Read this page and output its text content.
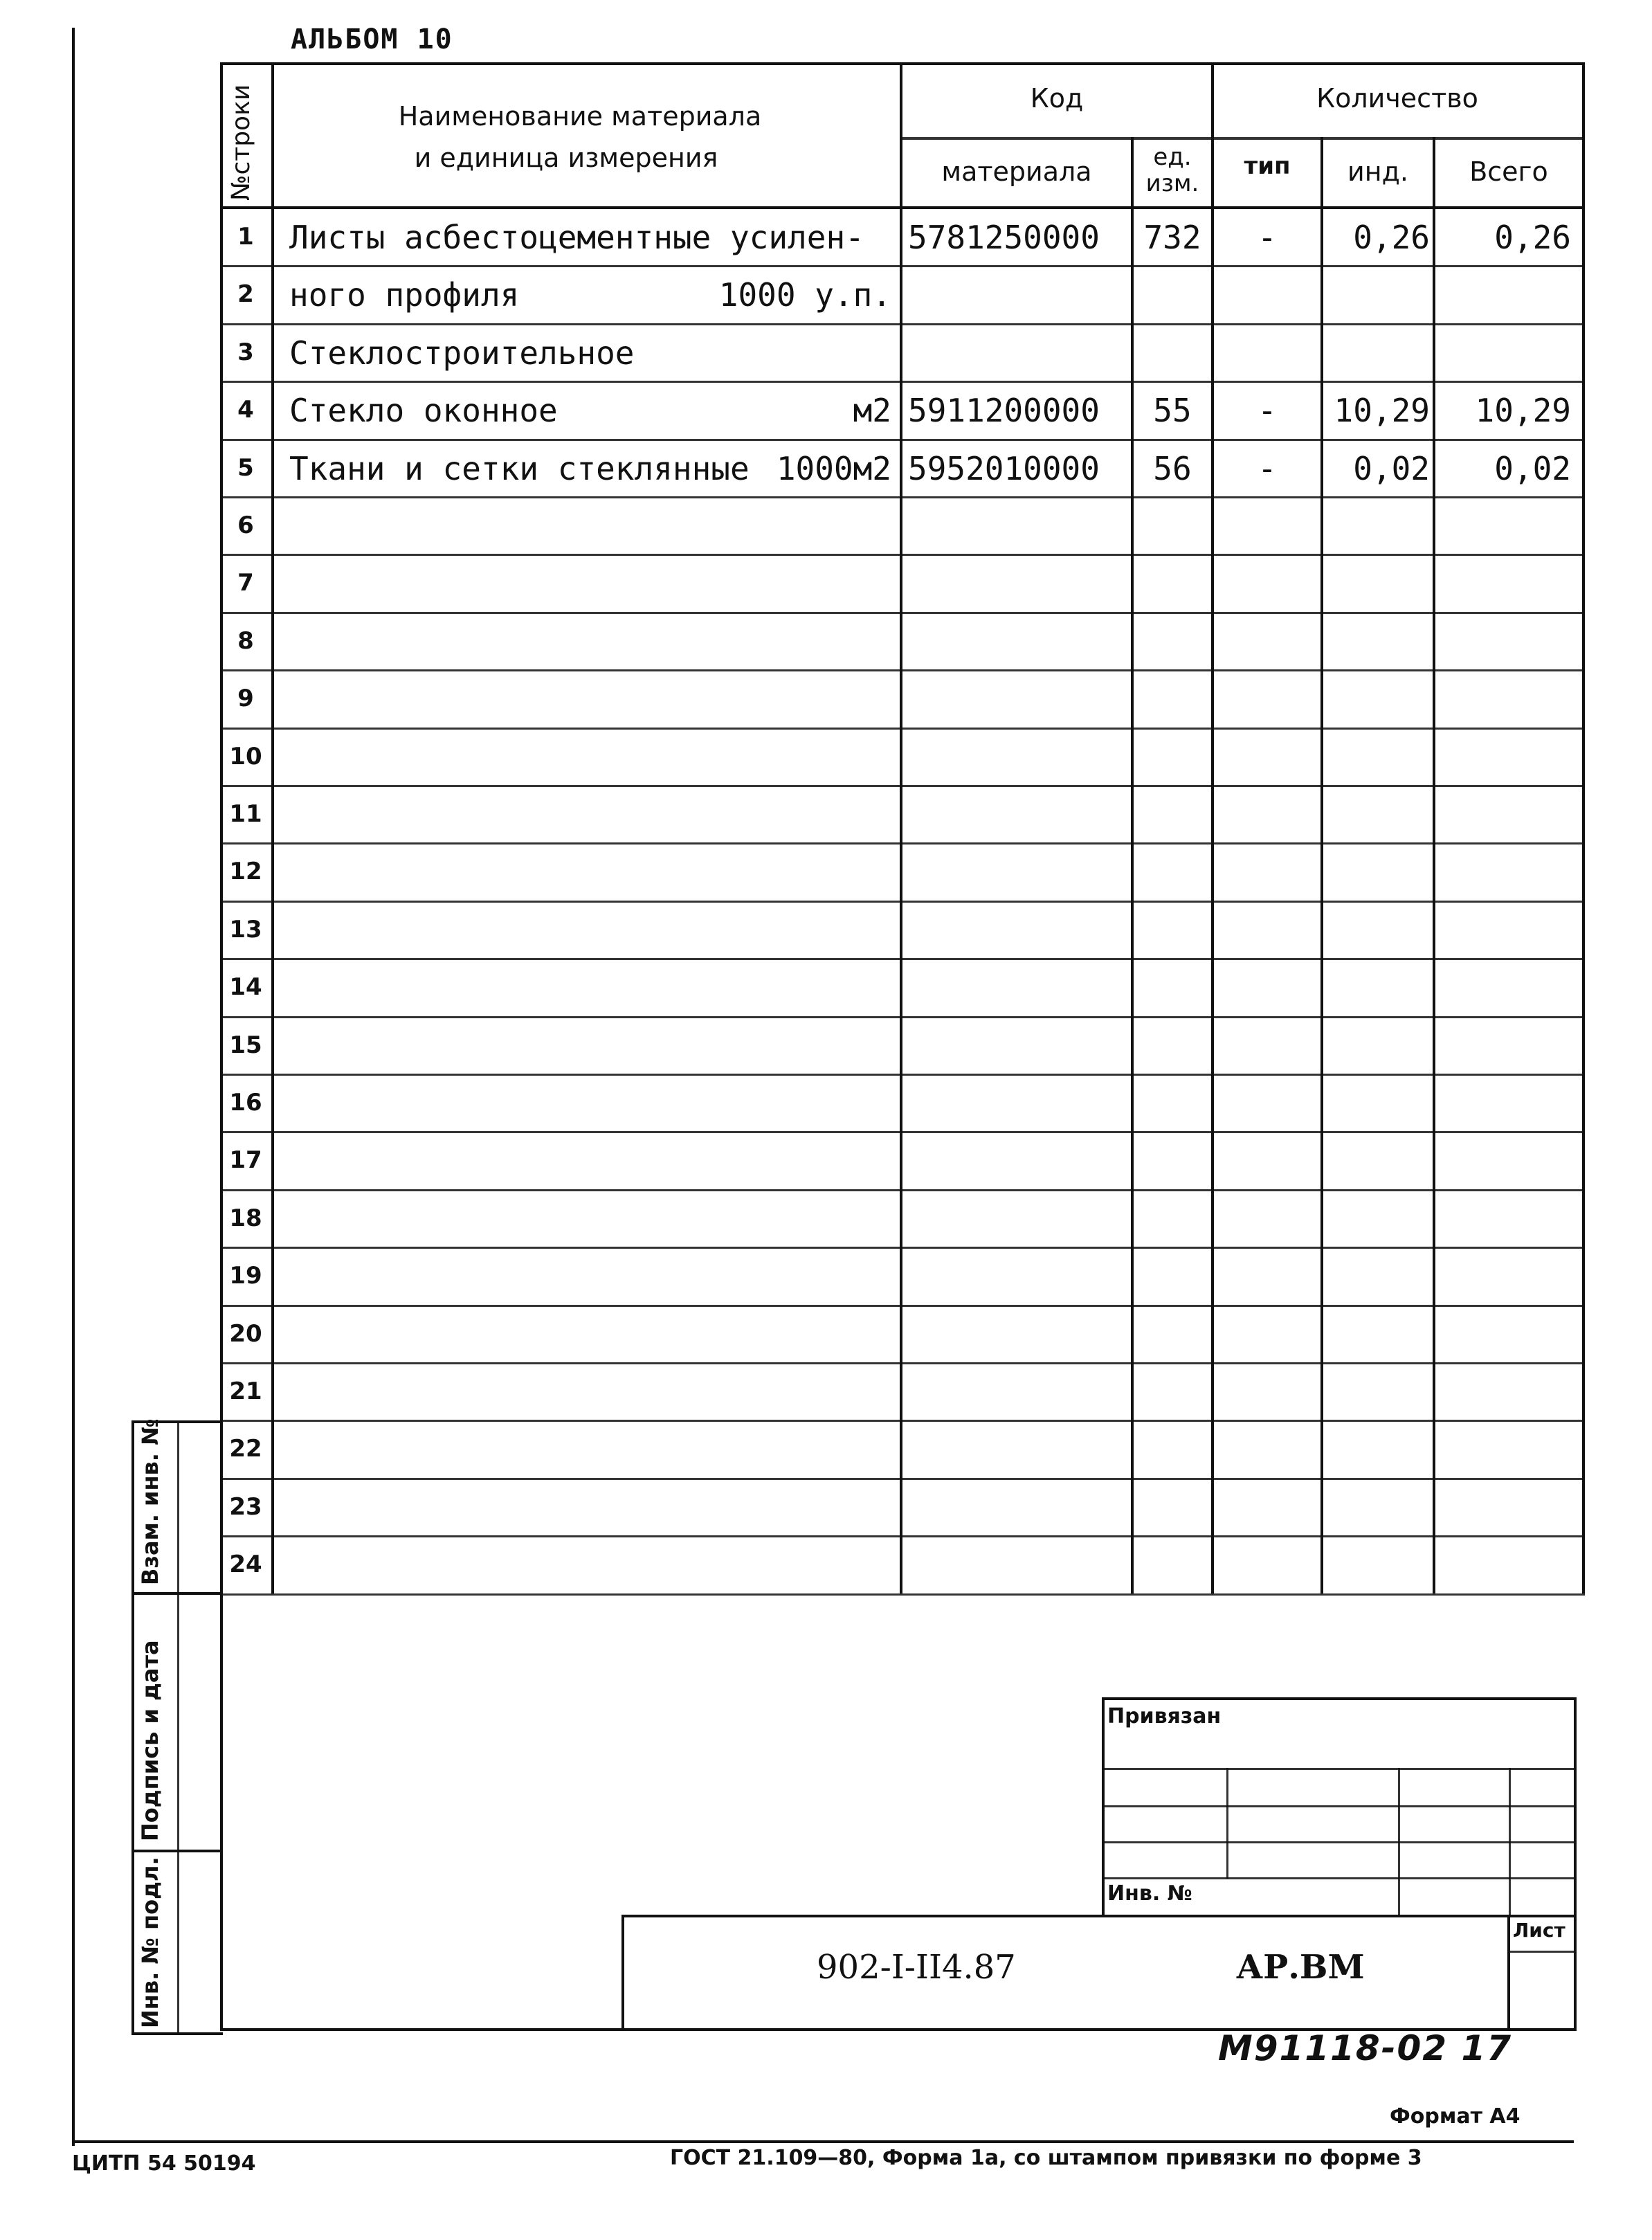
АЛЬБОМ 10
№строки	Наименование материала
и единица измерения
Код
материала	ед.
изм.
Количество
тип	инд.	Всего
1	Листы асбестоцементные усилен- 5781250000	732	-	0,26	0,26
2	ного профиля	1000 у.п.
3	Стеклостроительное
4	Стекло оконное	м2 5911200000	55	-	10,29	10,29
5	Ткани и сетки стеклянные 1000м2 5952010000	56	-	0,02	0,02
6
7
8
9
10
11
12
13
14
15
16
17
18
19
20
21
22
23
24
Взам. инв. №
Подпись и дата
Инв. № подл.
Привязан
Инв. №
Лист
902-I-II4.87	АР.ВМ
М91118-02 17
Формат А4
ЦИТП 54 50194	ГОСТ 21.109—80, Форма 1а, со штампом привязки по форме 3
